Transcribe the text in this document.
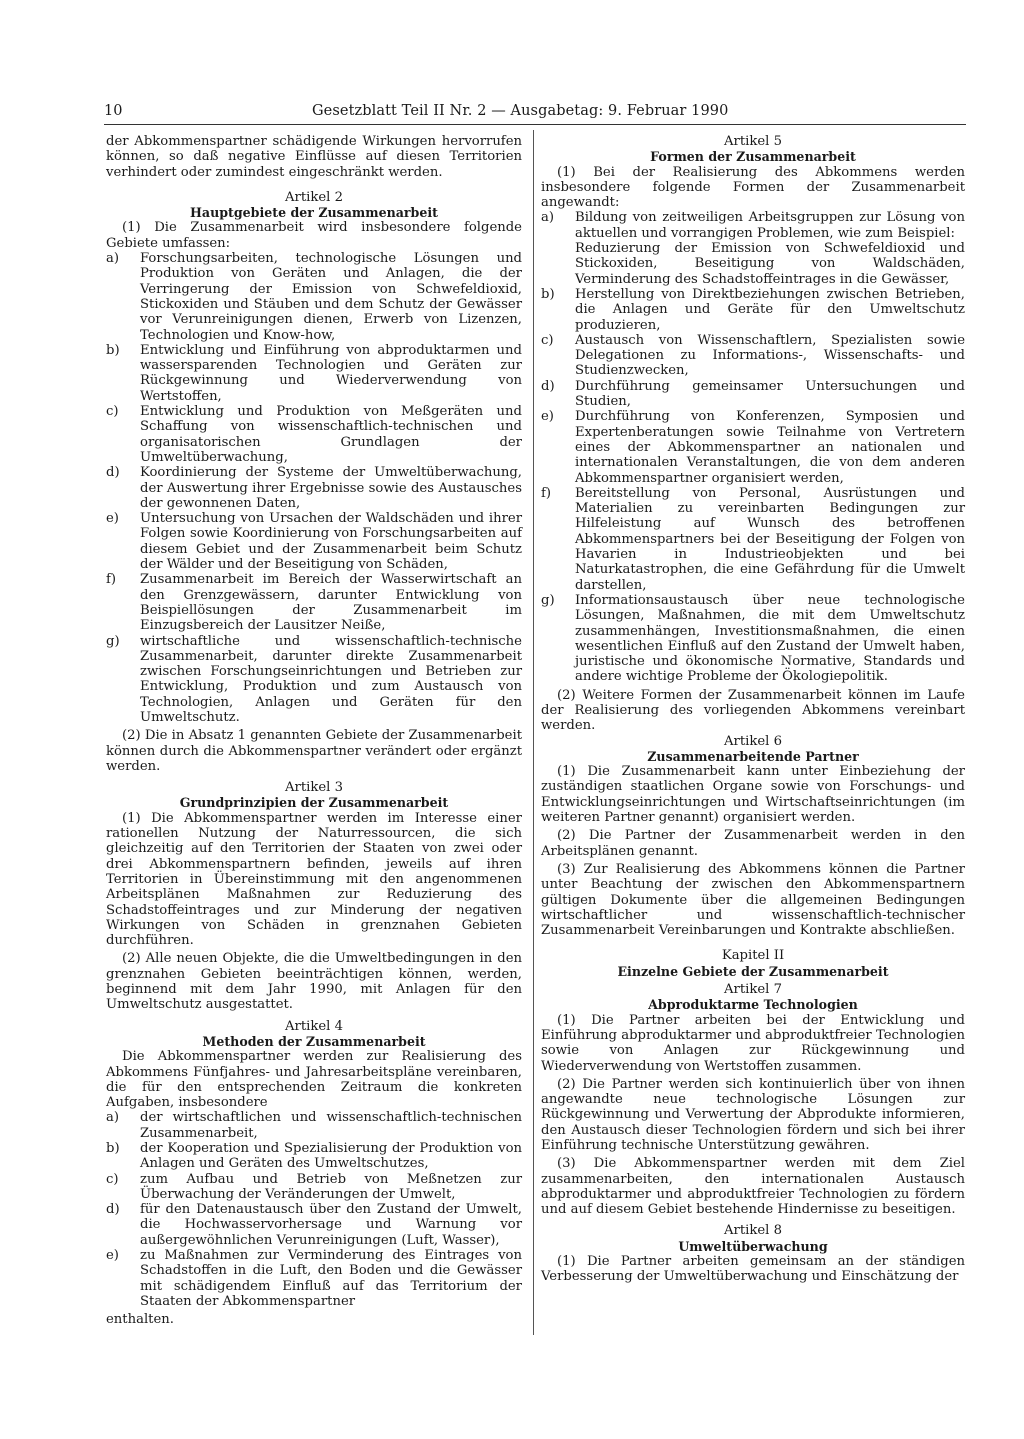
10	Gesetzblatt Teil II Nr. 2 — Ausgabetag: 9. Februar 1990

der Abkommenspartner schädigende Wirkungen hervorrufen können, so daß negative Einflüsse auf diesen Territorien verhindert oder zumindest eingeschränkt werden.

Artikel 2

Hauptgebiete der Zusammenarbeit

(1) Die Zusammenarbeit wird insbesondere folgende Gebiete umfassen:

a) Forschungsarbeiten, technologische Lösungen und Produktion von Geräten und Anlagen, die der Verringerung der Emission von Schwefeldioxid, Stickoxiden und Stäuben und dem Schutz der Gewässer vor Verunreinigungen dienen, Erwerb von Lizenzen, Technologien und Know-how,
b) Entwicklung und Einführung von abproduktarmen und wassersparenden Technologien und Geräten zur Rückgewinnung und Wiederverwendung von Wertstoffen,
c) Entwicklung und Produktion von Meßgeräten und Schaffung von wissenschaftlich-technischen und organisatorischen Grundlagen der Umweltüberwachung,
d) Koordinierung der Systeme der Umweltüberwachung, der Auswertung ihrer Ergebnisse sowie des Austausches der gewonnenen Daten,
e) Untersuchung von Ursachen der Waldschäden und ihrer Folgen sowie Koordinierung von Forschungsarbeiten auf diesem Gebiet und der Zusammenarbeit beim Schutz der Wälder und der Beseitigung von Schäden,
f) Zusammenarbeit im Bereich der Wasserwirtschaft an den Grenzgewässern, darunter Entwicklung von Beispiellösungen der Zusammenarbeit im Einzugsbereich der Lausitzer Neiße,
g) wirtschaftliche und wissenschaftlich-technische Zusammenarbeit, darunter direkte Zusammenarbeit zwischen Forschungseinrichtungen und Betrieben zur Entwicklung, Produktion und zum Austausch von Technologien, Anlagen und Geräten für den Umweltschutz.

(2) Die in Absatz 1 genannten Gebiete der Zusammenarbeit können durch die Abkommenspartner verändert oder ergänzt werden.

Artikel 3

Grundprinzipien der Zusammenarbeit

(1) Die Abkommenspartner werden im Interesse einer rationellen Nutzung der Naturressourcen, die sich gleichzeitig auf den Territorien der Staaten von zwei oder drei Abkommenspartnern befinden, jeweils auf ihren Territorien in Übereinstimmung mit den angenommenen Arbeitsplänen Maßnahmen zur Reduzierung des Schadstoffeintrages und zur Minderung der negativen Wirkungen von Schäden in grenznahen Gebieten durchführen.

(2) Alle neuen Objekte, die die Umweltbedingungen in den grenznahen Gebieten beeinträchtigen können, werden, beginnend mit dem Jahr 1990, mit Anlagen für den Umweltschutz ausgestattet.

Artikel 4

Methoden der Zusammenarbeit

Die Abkommenspartner werden zur Realisierung des Abkommens Fünfjahres- und Jahresarbeitspläne vereinbaren, die für den entsprechenden Zeitraum die konkreten Aufgaben, insbesondere

a) der wirtschaftlichen und wissenschaftlich-technischen Zusammenarbeit,
b) der Kooperation und Spezialisierung der Produktion von Anlagen und Geräten des Umweltschutzes,
c) zum Aufbau und Betrieb von Meßnetzen zur Überwachung der Veränderungen der Umwelt,
d) für den Datenaustausch über den Zustand der Umwelt, die Hochwasservorhersage und Warnung vor außergewöhnlichen Verunreinigungen (Luft, Wasser),
e) zu Maßnahmen zur Verminderung des Eintrages von Schadstoffen in die Luft, den Boden und die Gewässer mit schädigendem Einfluß auf das Territorium der Staaten der Abkommenspartner

enthalten.

Artikel 5

Formen der Zusammenarbeit

(1) Bei der Realisierung des Abkommens werden insbesondere folgende Formen der Zusammenarbeit angewandt:

a) Bildung von zeitweiligen Arbeitsgruppen zur Lösung von aktuellen und vorrangigen Problemen, wie zum Beispiel:
Reduzierung der Emission von Schwefeldioxid und Stickoxiden, Beseitigung von Waldschäden, Verminderung des Schadstoffeintrages in die Gewässer,
b) Herstellung von Direktbeziehungen zwischen Betrieben, die Anlagen und Geräte für den Umweltschutz produzieren,
c) Austausch von Wissenschaftlern, Spezialisten sowie Delegationen zu Informations-, Wissenschafts- und Studienzwecken,
d) Durchführung gemeinsamer Untersuchungen und Studien,
e) Durchführung von Konferenzen, Symposien und Expertenberatungen sowie Teilnahme von Vertretern eines der Abkommenspartner an nationalen und internationalen Veranstaltungen, die von dem anderen Abkommenspartner organisiert werden,
f) Bereitstellung von Personal, Ausrüstungen und Materialien zu vereinbarten Bedingungen zur Hilfeleistung auf Wunsch des betroffenen Abkommenspartners bei der Beseitigung der Folgen von Havarien in Industrieobjekten und bei Naturkatastrophen, die eine Gefährdung für die Umwelt darstellen,
g) Informationsaustausch über neue technologische Lösungen, Maßnahmen, die mit dem Umweltschutz zusammenhängen, Investitionsmaßnahmen, die einen wesentlichen Einfluß auf den Zustand der Umwelt haben, juristische und ökonomische Normative, Standards und andere wichtige Probleme der Ökologiepolitik.

(2) Weitere Formen der Zusammenarbeit können im Laufe der Realisierung des vorliegenden Abkommens vereinbart werden.

Artikel 6

Zusammenarbeitende Partner

(1) Die Zusammenarbeit kann unter Einbeziehung der zuständigen staatlichen Organe sowie von Forschungs- und Entwicklungseinrichtungen und Wirtschaftseinrichtungen (im weiteren Partner genannt) organisiert werden.

(2) Die Partner der Zusammenarbeit werden in den Arbeitsplänen genannt.

(3) Zur Realisierung des Abkommens können die Partner unter Beachtung der zwischen den Abkommenspartnern gültigen Dokumente über die allgemeinen Bedingungen wirtschaftlicher und wissenschaftlich-technischer Zusammenarbeit Vereinbarungen und Kontrakte abschließen.

Kapitel II

Einzelne Gebiete der Zusammenarbeit

Artikel 7

Abproduktarme Technologien

(1) Die Partner arbeiten bei der Entwicklung und Einführung abproduktarmer und abproduktfreier Technologien sowie von Anlagen zur Rückgewinnung und Wiederverwendung von Wertstoffen zusammen.

(2) Die Partner werden sich kontinuierlich über von ihnen angewandte neue technologische Lösungen zur Rückgewinnung und Verwertung der Abprodukte informieren, den Austausch dieser Technologien fördern und sich bei ihrer Einführung technische Unterstützung gewähren.

(3) Die Abkommenspartner werden mit dem Ziel zusammenarbeiten, den internationalen Austausch abproduktarmer und abproduktfreier Technologien zu fördern und auf diesem Gebiet bestehende Hindernisse zu beseitigen.

Artikel 8

Umweltüberwachung

(1) Die Partner arbeiten gemeinsam an der ständigen Verbesserung der Umweltüberwachung und Einschätzung der
